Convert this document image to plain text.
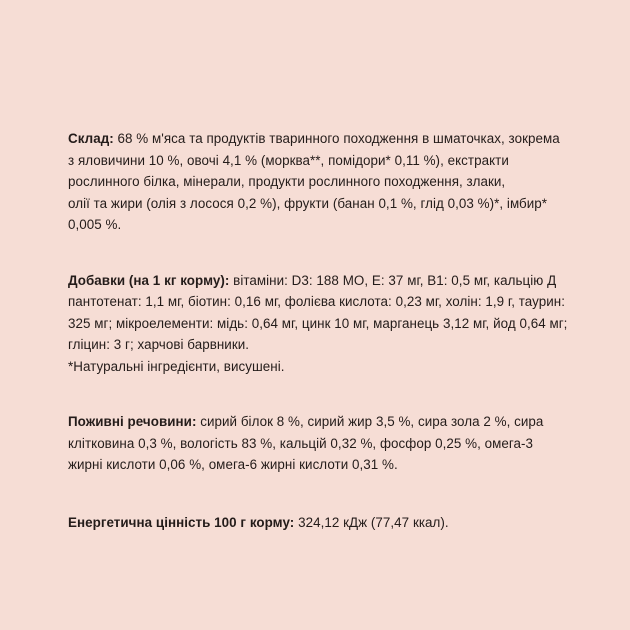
Склад: 68 % м'яса та продуктів тваринного походження в шматочках, зокрема з яловичини 10 %, овочі 4,1 % (морква**, помідори* 0,11 %), екстракти рослинного білка, мінерали, продукти рослинного походження, злаки,

олії та жири (олія з лосося 0,2 %), фрукти (банан 0,1 %, глід 0,03 %)*, імбир* 0,005 %.

Добавки (на 1 кг корму): вітаміни: D3: 188 МО, Е: 37 мг, В1: 0,5 мг, кальцію Д пантотенат: 1,1 мг, біотин: 0,16 мг, фолієва кислота: 0,23 мг, холін: 1,9 г, таурин: 325 мг; мікроелементи: мідь: 0,64 мг, цинк 10 мг, марганець 3,12 мг, йод 0,64 мг; гліцин: 3 г; харчові барвники.

*Натуральні інгредієнти, висушені.

Поживні речовини: сирий білок 8 %, сирий жир 3,5 %, сира зола 2 %, сира клітковина 0,3 %, вологість 83 %, кальцій 0,32 %, фосфор 0,25 %, омега-3 жирні кислоти 0,06 %, омега-6 жирні кислоти 0,31 %.

Енергетична цінність 100 г корму: 324,12 кДж (77,47 ккал).
